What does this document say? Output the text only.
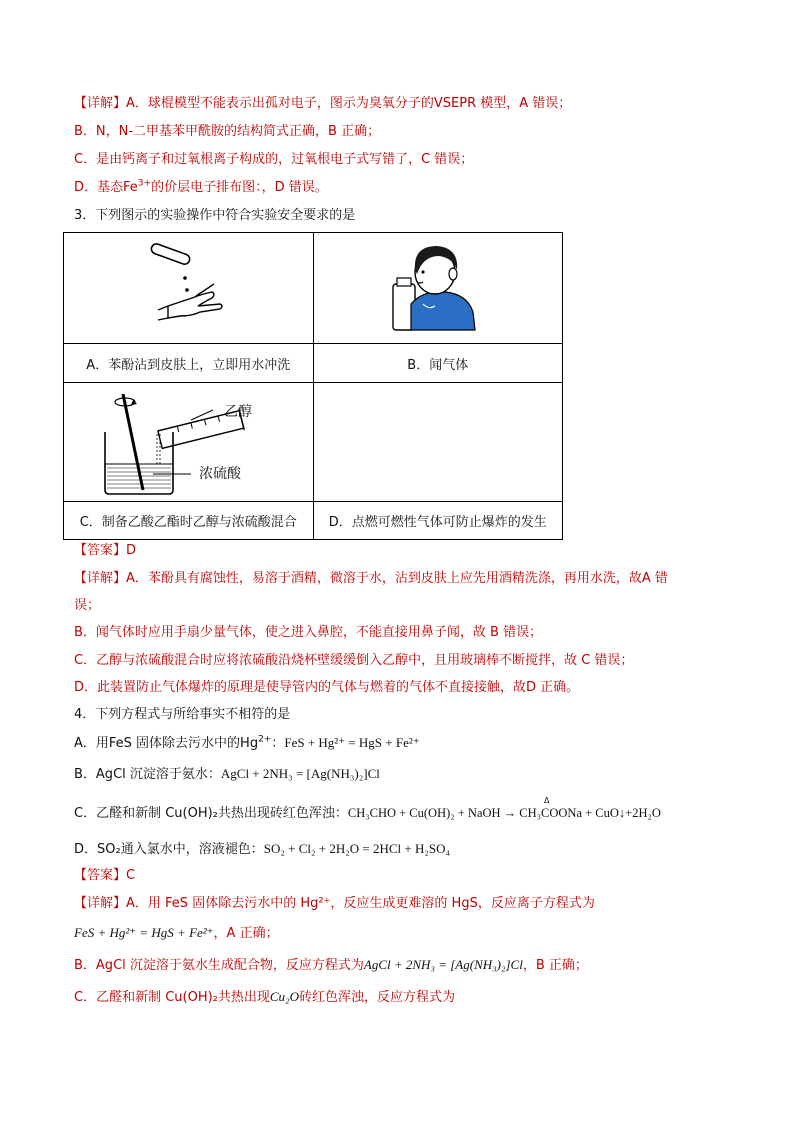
【详解】A．球棍模型不能表示出孤对电子，图示为臭氧分子的VSEPR 模型，A 错误；
B．N，N-二甲基苯甲酰胺的结构简式正确，B 正确；
C．是由钙离子和过氧根离子构成的，过氧根电子式写错了，C 错误；
D．基态$Fe^{3+}$的价层电子排布图：，D 错误。
3．下列图示的实验操作中符合实验安全要求的是

A．苯酚沾到皮肤上，立即用水冲洗	B．闻气体

乙醇
浓硫酸	

C．制备乙酸乙酯时乙醇与浓硫酸混合	D．点燃可燃性气体可防止爆炸的发生
【答案】D
【详解】A．苯酚具有腐蚀性，易溶于酒精，微溶于水，沾到皮肤上应先用酒精洗涤，再用水洗，故A 错
误；
B．闻气体时应用手扇少量气体，使之进入鼻腔，不能直接用鼻子闻，故 B 错误；
C．乙醇与浓硫酸混合时应将浓硫酸沿烧杯壁缓缓倒入乙醇中，且用玻璃棒不断搅拌，故 C 错误；
D．此装置防止气体爆炸的原理是使导管内的气体与燃着的气体不直接接触，故D 正确。
4．下列方程式与所给事实不相符的是
A．用FeS 固体除去污水中的$Hg^{2+}$：FeS + Hg²⁺ = HgS + Fe²⁺
B．AgCl 沉淀溶于氨水：AgCl + 2NH₃ = [Ag(NH₃)₂]Cl
C．乙醛和新制 Cu(OH)₂共热出现砖红色浑浊：CH₃CHO + Cu(OH)₂ + NaOH → CH₃COONa + CuO↓+2H₂O
Δ
D．SO₂通入氯水中，溶液褪色：SO₂ + Cl₂ + 2H₂O = 2HCl + H₂SO₄
【答案】C
【详解】A．用 FeS 固体除去污水中的 Hg²⁺，反应生成更难溶的 HgS，反应离子方程式为
FeS + Hg²⁺ = HgS + Fe²⁺，A 正确；
B．AgCl 沉淀溶于氨水生成配合物，反应方程式为AgCl + 2NH₃ = [Ag(NH₃)₂]Cl，B 正确；
C．乙醛和新制 Cu(OH)₂共热出现Cu₂O砖红色浑浊，反应方程式为
